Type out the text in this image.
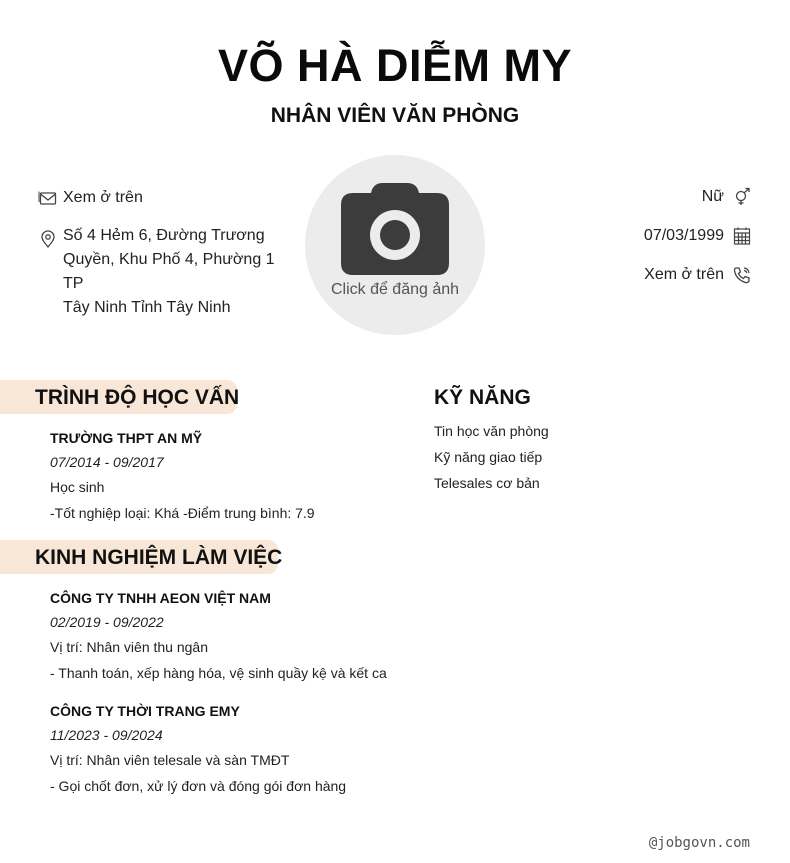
VÕ HÀ DIỄM MY
NHÂN VIÊN VĂN PHÒNG
Xem ở trên
Số 4 Hẻm 6, Đường Trương
Quyền, Khu Phố 4, Phường 1 TP
Tây Ninh Tỉnh Tây Ninh
Click để đăng ảnh
Nữ
07/03/1999
Xem ở trên
TRÌNH ĐỘ HỌC VẤN
TRƯỜNG THPT AN MỸ
07/2014 - 09/2017
Học sinh
-Tốt nghiệp loại: Khá -Điểm trung bình: 7.9
KỸ NĂNG
Tin học văn phòng
Kỹ năng giao tiếp
Telesales cơ bản
KINH NGHIỆM LÀM VIỆC
CÔNG TY TNHH AEON VIỆT NAM
02/2019 - 09/2022
Vị trí: Nhân viên thu ngân
- Thanh toán, xếp hàng hóa, vệ sinh quầy kệ và kết ca
CÔNG TY THỜI TRANG EMY
11/2023 - 09/2024
Vị trí: Nhân viên telesale và sàn TMĐT
- Gọi chốt đơn, xử lý đơn và đóng gói đơn hàng
@jobgovn.com
